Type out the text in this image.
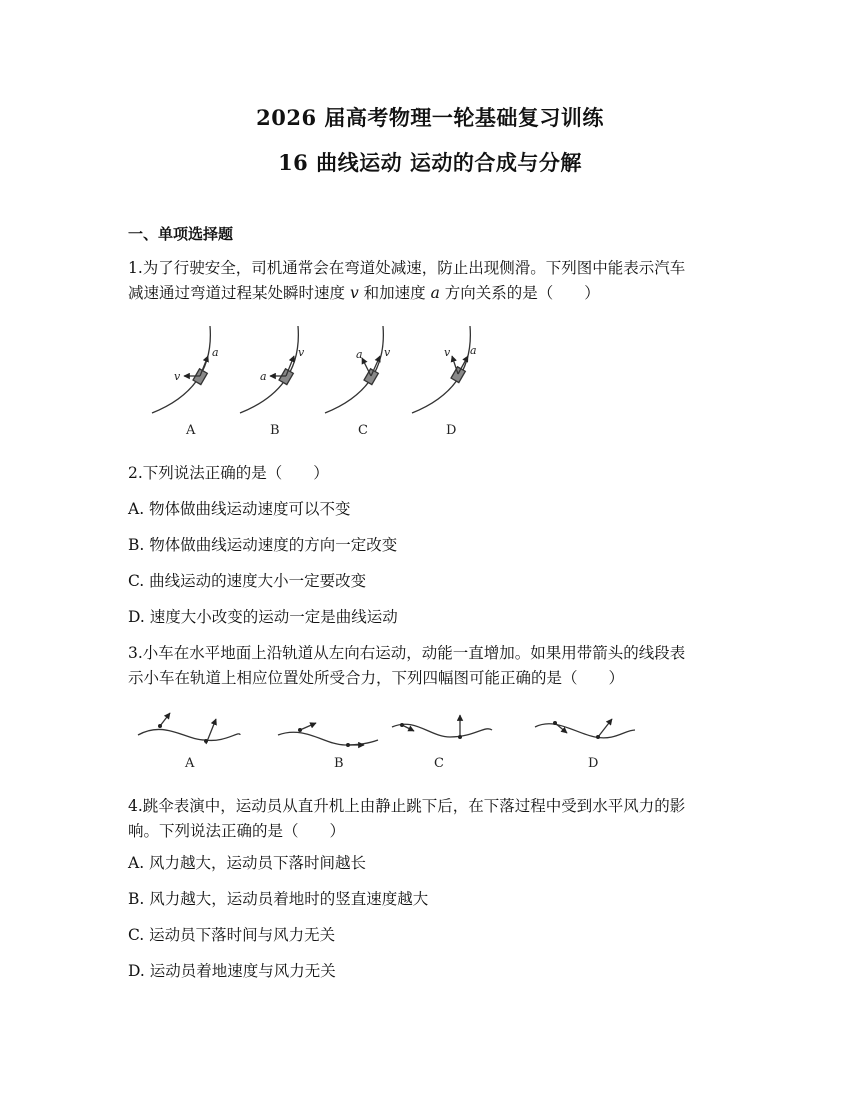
2026 届高考物理一轮基础复习训练
16 曲线运动 运动的合成与分解
一、单项选择题
1.为了行驶安全，司机通常会在弯道处减速，防止出现侧滑。下列图中能表示汽车
减速通过弯道过程某处瞬时速度 v 和加速度 a 方向关系的是（　　）
v
a
a
v	a v	v a
A	B	C	D
2.下列说法正确的是（　　）
A. 物体做曲线运动速度可以不变
B. 物体做曲线运动速度的方向一定改变
C. 曲线运动的速度大小一定要改变
D. 速度大小改变的运动一定是曲线运动
3.小车在水平地面上沿轨道从左向右运动，动能一直增加。如果用带箭头的线段表
示小车在轨道上相应位置处所受合力，下列四幅图可能正确的是（　　）
A	B	C	D
4.跳伞表演中，运动员从直升机上由静止跳下后，在下落过程中受到水平风力的影
响。下列说法正确的是（　　）
A. 风力越大，运动员下落时间越长
B. 风力越大，运动员着地时的竖直速度越大
C. 运动员下落时间与风力无关
D. 运动员着地速度与风力无关
